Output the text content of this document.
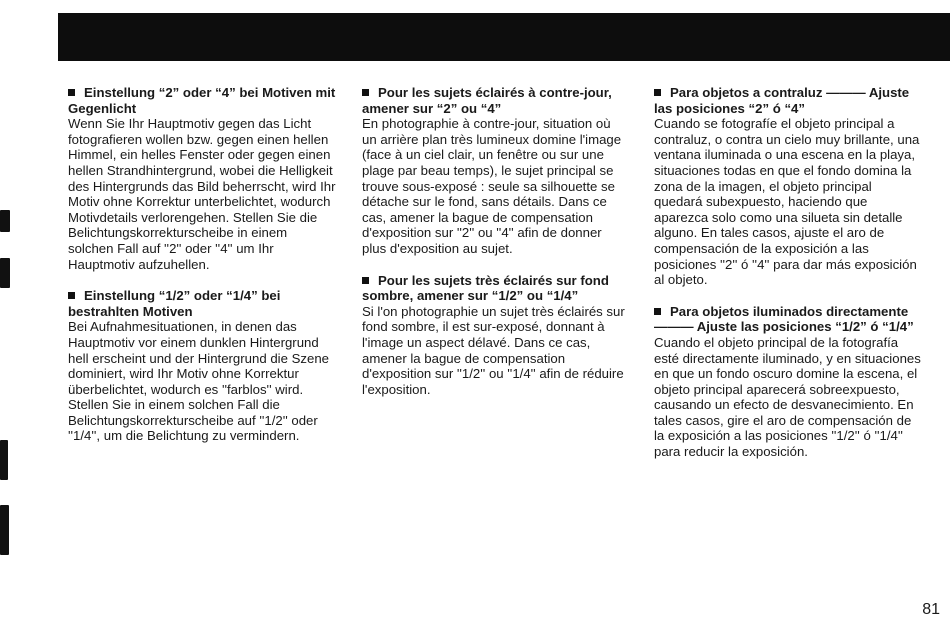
Einstellung “2” oder “4” bei Motiven mit Gegenlicht
Wenn Sie Ihr Hauptmotiv gegen das Licht fotografieren wollen bzw. gegen einen hellen Himmel, ein helles Fenster oder gegen einen hellen Strandhintergrund, wobei die Helligkeit des Hintergrunds das Bild beherrscht, wird Ihr Motiv ohne Korrektur unterbelichtet, wodurch Motivdetails verlorengehen. Stellen Sie die Belichtungskorrekturscheibe in einem solchen Fall auf ''2'' oder ''4'' um Ihr Hauptmotiv aufzuhellen.
Einstellung “1/2” oder “1/4” bei bestrahlten Motiven
Bei Aufnahmesituationen, in denen das Hauptmotiv vor einem dunklen Hintergrund hell erscheint und der Hintergrund die Szene dominiert, wird Ihr Motiv ohne Korrektur überbelichtet, wodurch es ''farblos'' wird. Stellen Sie in einem solchen Fall die Belichtungskorrekturscheibe auf ''1/2'' oder ''1/4'', um die Belichtung zu vermindern.
Pour les sujets éclairés à contre-jour, amener sur “2” ou “4”
En photographie à contre-jour, situation où un arrière plan très lumineux domine l'image (face à un ciel clair, un fenêtre ou sur une plage par beau temps), le sujet principal se trouve sous-exposé : seule sa silhouette se détache sur le fond, sans détails. Dans ce cas, amener la bague de compensation d'exposition sur ''2'' ou ''4'' afin de donner plus d'exposition au sujet.
Pour les sujets très éclairés sur fond sombre, amener sur “1/2” ou “1/4”
Si l'on photographie un sujet très éclairés sur fond sombre, il est sur-exposé, donnant à l'image un aspect délavé. Dans ce cas, amener la bague de compensation d'exposition sur ''1/2'' ou ''1/4'' afin de réduire l'exposition.
Para objetos a contraluz ——— Ajuste las posiciones “2” ó “4”
Cuando se fotografíe el objeto principal a contraluz, o contra un cielo muy brillante, una ventana iluminada o una escena en la playa, situaciones todas en que el fondo domina la zona de la imagen, el objeto principal quedará subexpuesto, haciendo que aparezca solo como una silueta sin detalle alguno. En tales casos, ajuste el aro de compensación de la exposición a las posiciones ''2'' ó ''4'' para dar más exposición al objeto.
Para objetos iluminados directamente ——— Ajuste las posiciones “1/2” ó “1/4”
Cuando el objeto principal de la fotografía esté directamente iluminado, y en situaciones en que un fondo oscuro domine la escena, el objeto principal aparecerá sobreexpuesto, causando un efecto de desvanecimiento. En tales casos, gire el aro de compensación de la exposición a las posiciones ''1/2'' ó ''1/4'' para reducir la exposición.
81
